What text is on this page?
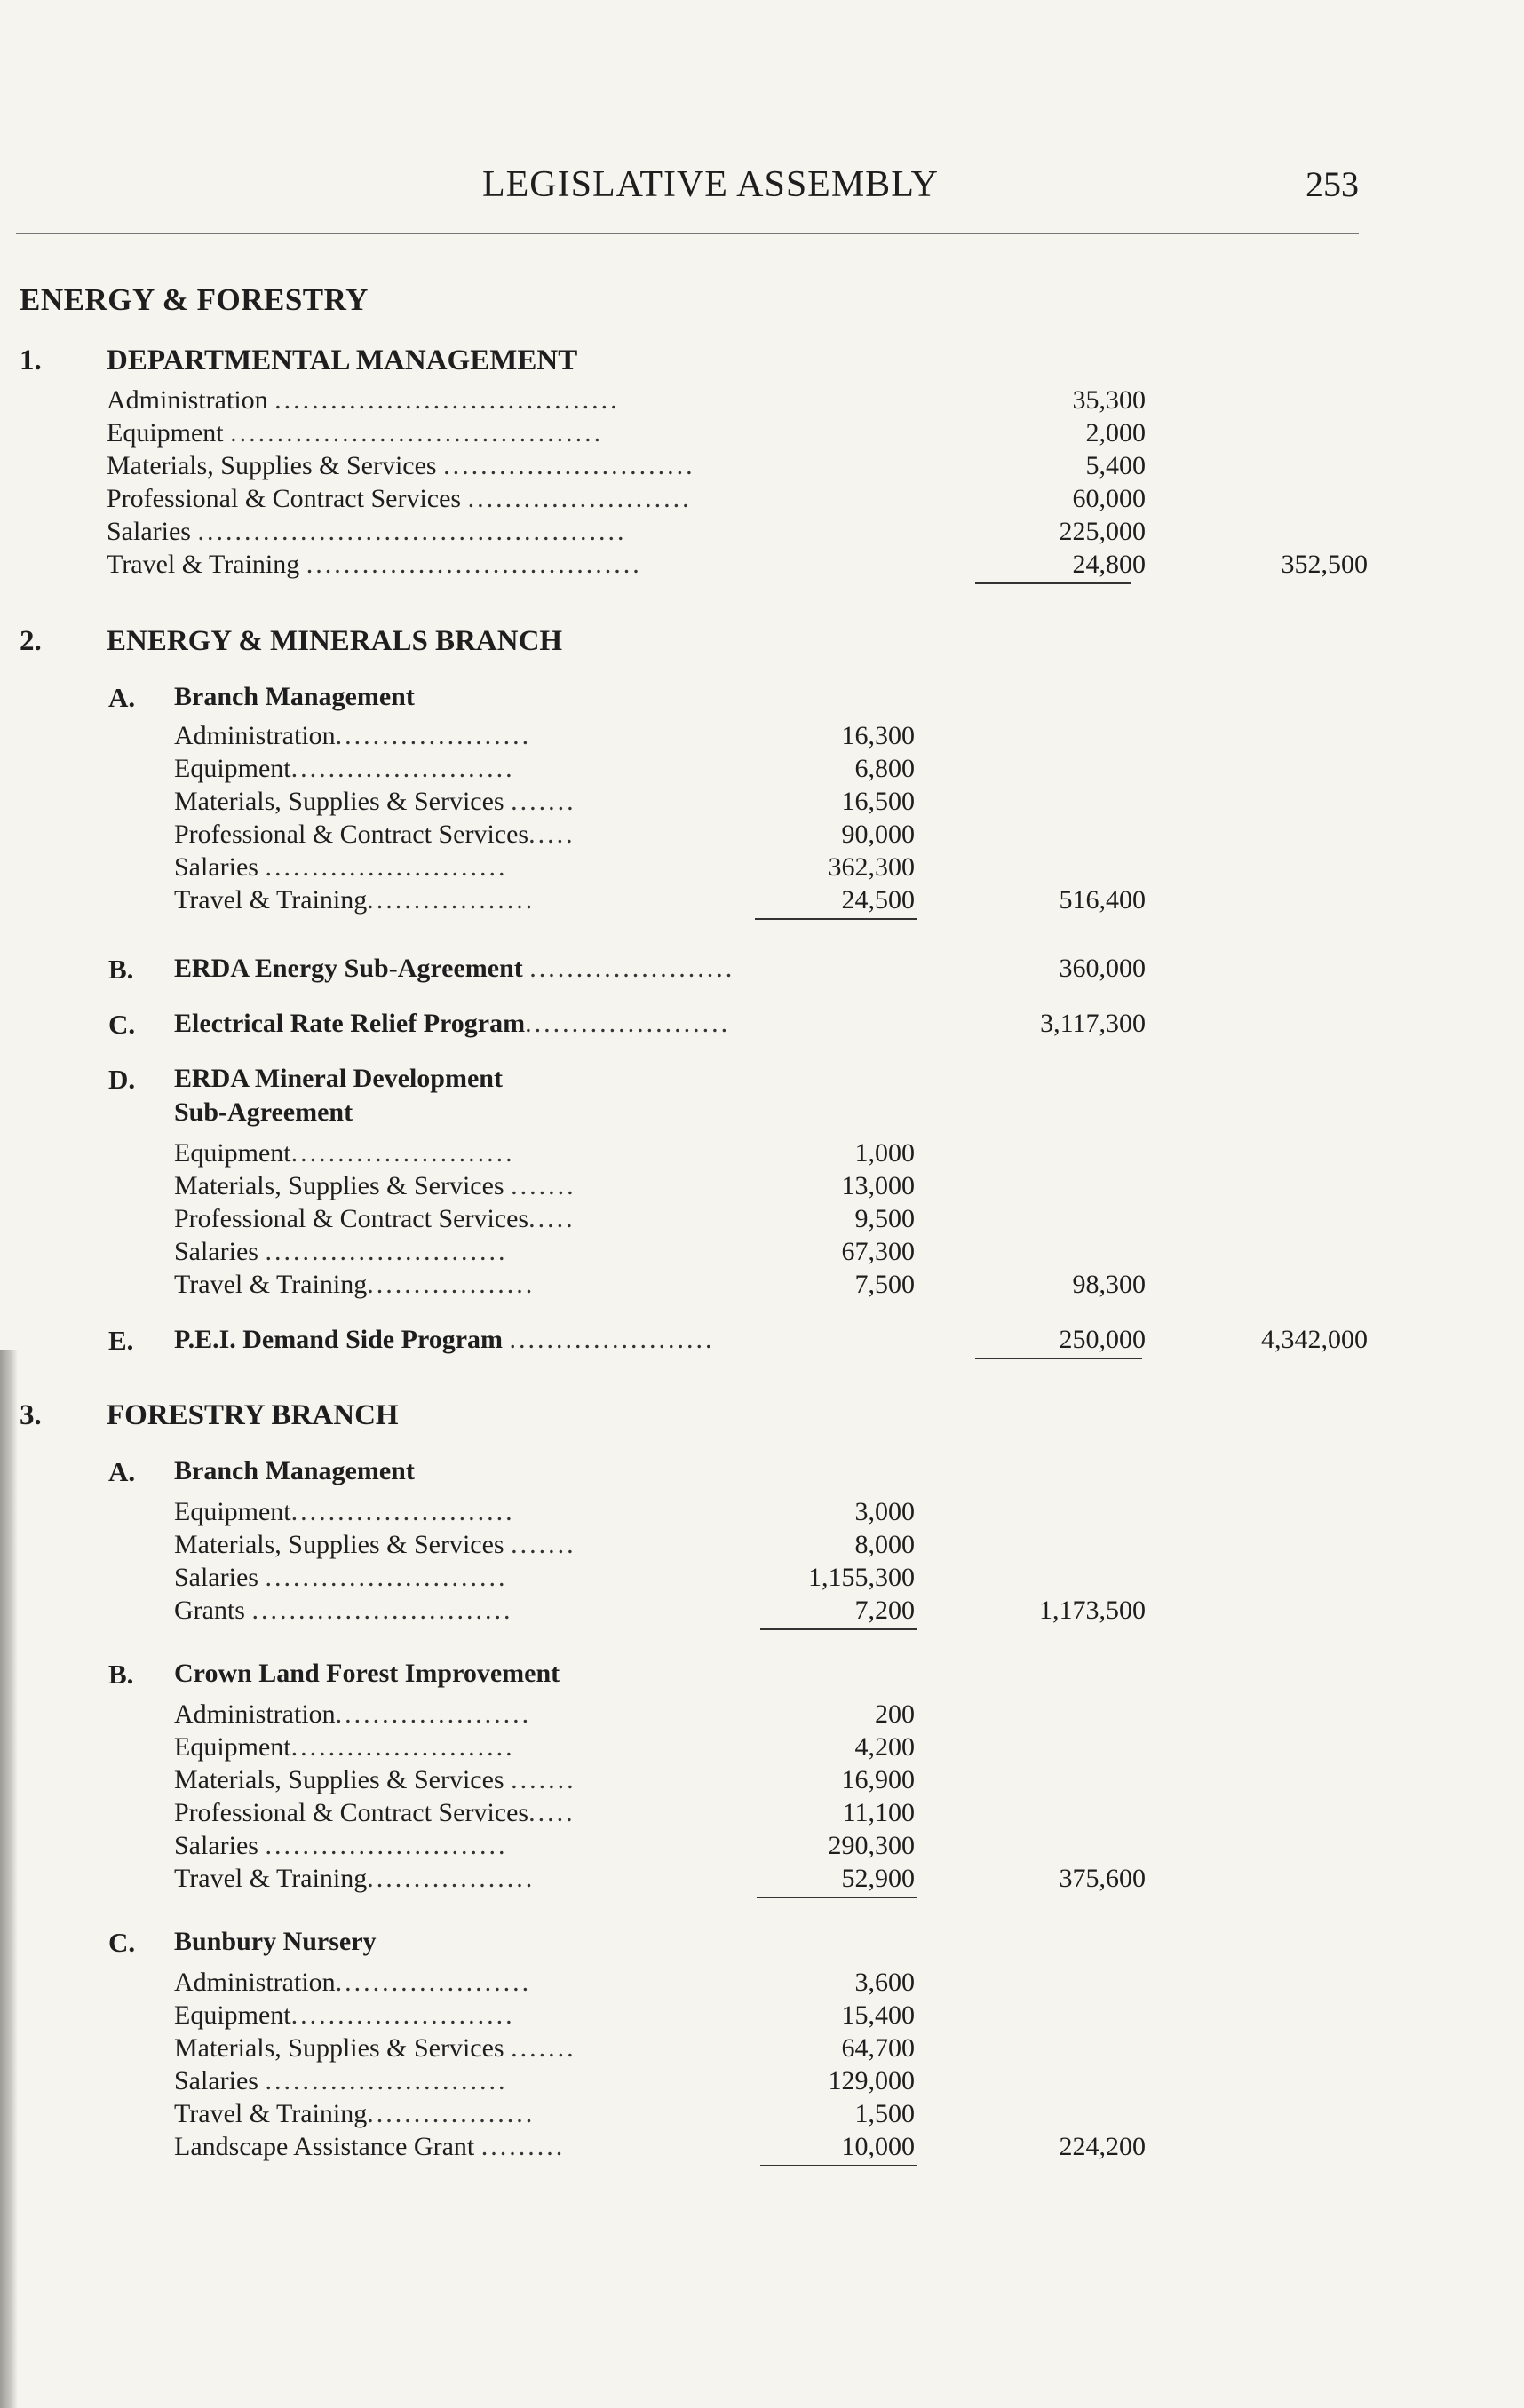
LEGISLATIVE ASSEMBLY	253
ENERGY & FORESTRY
1. DEPARTMENTAL MANAGEMENT
Administration .....................................	35,300
Equipment ........................................	2,000
Materials, Supplies & Services ...........................	5,400
Professional & Contract Services ........................	60,000
Salaries ..............................................	225,000
Travel & Training ....................................	24,800	352,500
2. ENERGY & MINERALS BRANCH
A. Branch Management
Administration.....................	16,300
Equipment........................	6,800
Materials, Supplies & Services .......	16,500
Professional & Contract Services.....	90,000
Salaries ..........................	362,300
Travel & Training..................	24,500	516,400
B. ERDA Energy Sub-Agreement ......................	360,000
C. Electrical Rate Relief Program......................	3,117,300
D. ERDA Mineral Development
Sub-Agreement
Equipment........................	1,000
Materials, Supplies & Services .......	13,000
Professional & Contract Services.....	9,500
Salaries ..........................	67,300
Travel & Training..................	7,500	98,300
E. P.E.I. Demand Side Program ......................	250,000	4,342,000
3. FORESTRY BRANCH
A. Branch Management
Equipment........................	3,000
Materials, Supplies & Services .......	8,000
Salaries ..........................	1,155,300
Grants ............................	7,200	1,173,500
B. Crown Land Forest Improvement
Administration.....................	200
Equipment........................	4,200
Materials, Supplies & Services .......	16,900
Professional & Contract Services.....	11,100
Salaries ..........................	290,300
Travel & Training..................	52,900	375,600
C. Bunbury Nursery
Administration.....................	3,600
Equipment........................	15,400
Materials, Supplies & Services .......	64,700
Salaries ..........................	129,000
Travel & Training..................	1,500
Landscape Assistance Grant .........	10,000	224,200
